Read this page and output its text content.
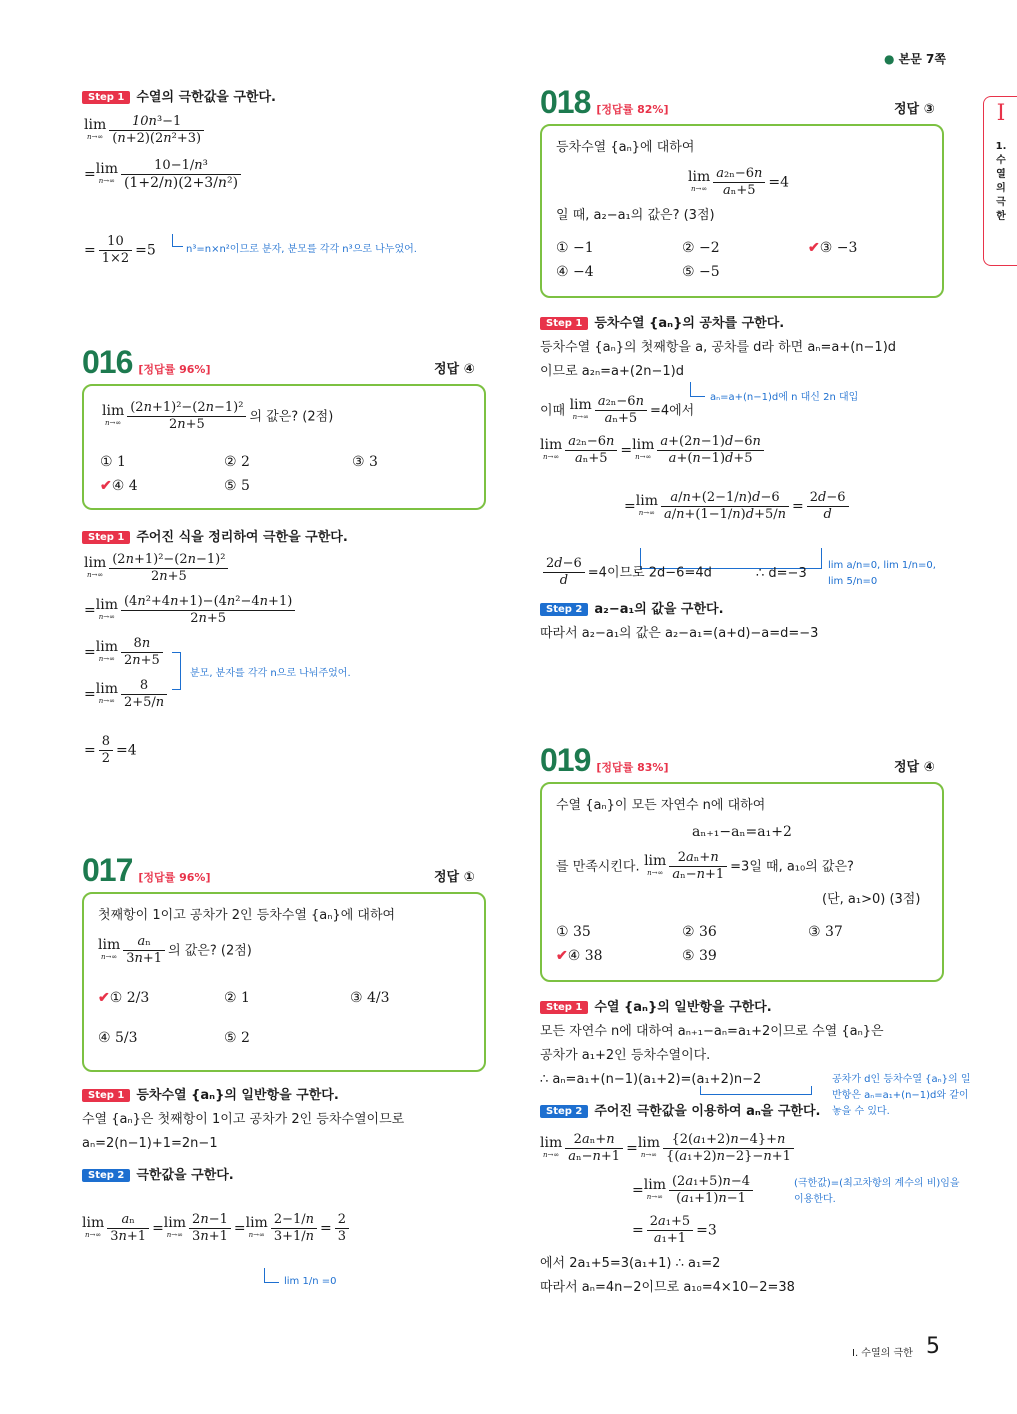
● 본문 7쪽
I
1.
수
열
의
극
한
Step 1 수열의 극한값을 구한다.
lim
$n\to\infty \frac{\text{10n³−1}}{\text{(n+2)(2n²+3)}}$
= lim
$n\to\infty \frac{\text{10−1/n³}}{\text{(1+2/n)(2+3/n²)}}$
= $\frac{10}{1\times 2} =5$	n³=n×n²이므로 분자, 분모를 각각 n³으로 나누었어.
016 [정답률 96%]	정답 ④
lim
$n\to\infty \frac{\text{(2n+1)²−(2n−1)²}}{2n+5}$ 의 값은? (2점)
① 1	② 2	③ 3
✔④ 4	⑤ 5
Step 1 주어진 식을 정리하여 극한을 구한다.
lim
$n\to\infty \frac{\text{(2n+1)²−(2n−1)²}}{2n+5}$
= lim
$n\to\infty \frac{\text{(4n²+4n+1)−(4n²−4n+1)}}{2n+5}$
= lim
$n\to\infty \frac{8n}{2n+5}$
= lim
$n\to\infty \frac{8}{2+5/n}$
분모, 분자를 각각 n으로 나눠주었어.
= $\frac{8}{2} =4$
017 [정답률 96%]	정답 ①
첫째항이 1이고 공차가 2인 등차수열 {aₙ}에 대하여
lim
$n\to\infty \frac{\text{aₙ}}{3n+1}$ 의 값은? (2점)
✔① 2/3	② 1	③ 4/3
④ 5/3	⑤ 2
Step 1 등차수열 {aₙ}의 일반항을 구한다.
수열 {aₙ}은 첫째항이 1이고 공차가 2인 등차수열이므로
aₙ=2(n−1)+1=2n−1
Step 2 극한값을 구한다.
lim
$n\to\infty \frac{\text{aₙ}}{3n+1} = \lim$
$n\to\infty \frac{2n-1}{3n+1} = \lim$
$n\to\infty \frac{2-1/n}{3+1/n} = \frac{2}{3}$
lim 1/n =0
018 [정답률 82%]	정답 ③
등차수열 {aₙ}에 대하여
lim
$n\to\infty \frac{\text{a₂ₙ−6n}}{\text{aₙ+5}} =4$
일 때, a₂−a₁의 값은? (3점)
① −1	② −2	✔③ −3
④ −4	⑤ −5
Step 1 등차수열 {aₙ}의 공차를 구한다.
등차수열 {aₙ}의 첫째항을 a, 공차를 d라 하면 aₙ=a+(n−1)d
이므로 a₂ₙ=a+(2n−1)d
aₙ=a+(n−1)d에 n 대신 2n 대입
이때 lim
$n\to\infty \frac{\text{a₂ₙ−6n}}{\text{aₙ+5}} =4$에서
lim
$n\to\infty \frac{\text{a₂ₙ−6n}}{\text{aₙ+5}} = \lim$
$n\to\infty \frac{a+(2n-1)d-6n}{a+(n-1)d+5}$
= lim
$n\to\infty \frac{a/n+(2-1/n)d-6}{a/n+(1-1/n)d+5/n} = \frac{2d-6}{d}$
$\frac{2d-6}{d} =4$이므로 2d−6=4d	∴ d=−3
lim a/n=0, lim 1/n=0, lim 5/n=0
Step 2 a₂−a₁의 값을 구한다.
따라서 a₂−a₁의 값은 a₂−a₁=(a+d)−a=d=−3
019 [정답률 83%]	정답 ④
수열 {aₙ}이 모든 자연수 n에 대하여
aₙ₊₁−aₙ=a₁+2
를 만족시킨다. lim
$n\to\infty \frac{\text{2aₙ+n}}{\text{aₙ−n+1}} =3$일 때, a₁₀의 값은?
(단, a₁>0) (3점)
① 35	② 36	③ 37
✔④ 38	⑤ 39
Step 1 수열 {aₙ}의 일반항을 구한다.
모든 자연수 n에 대하여 aₙ₊₁−aₙ=a₁+2이므로 수열 {aₙ}은
공차가 a₁+2인 등차수열이다.
∴ aₙ=a₁+(n−1)(a₁+2)=(a₁+2)n−2	공차가 d인 등차수열 {aₙ}의 일반항은 aₙ=a₁+(n−1)d와 같이 놓을 수 있다.
Step 2 주어진 극한값을 이용하여 aₙ을 구한다.
lim
$n\to\infty \frac{\text{2aₙ+n}}{\text{aₙ−n+1}} = \lim$
$n\to\infty \frac{\text{\{2(a₁+2)n−4\}+n}}{\text{\{(a₁+2)n−2\}−n+1}}$
= lim
$n\to\infty \frac{\text{(2a₁+5)n−4}}{\text{(a₁+1)n−1}}$	(극한값)=(최고차항의 계수의 비)임을 이용한다.
= $\frac{\text{2a₁+5}}{\text{a₁+1}} =3$
에서 2a₁+5=3(a₁+1) ∴ a₁=2
따라서 aₙ=4n−2이므로 a₁₀=4×10−2=38
Ⅰ. 수열의 극한 5
